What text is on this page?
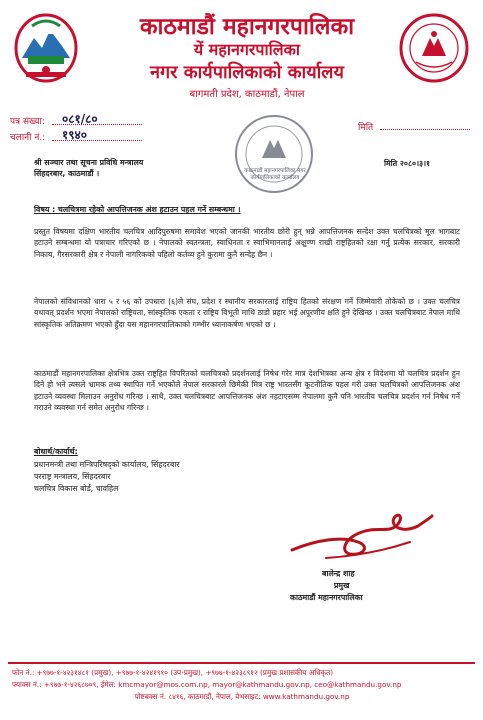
काठमाडौं महानगरपालिका
यें महानगरपालिका
नगर कार्यपालिकाको कार्यालय
बागमती प्रदेश, काठमाडौं, नेपाल
पत्र संख्या: ०८१/८०
चलानी नं.: १९४०	मिति
काठमाडौं महानगरपालिका नगर कार्यपालिकाको कार्यालय
श्री सञ्चार तथा सूचना प्रविधि मन्त्रालय
सिंहदरबार, काठमाडौं ।
मिति २०८०।३।१
विषय : चलचित्रमा रहेको आपत्तिजनक अंश हटाउन पहल गर्ने सम्बन्धमा ।
प्रस्तुत विषयमा दक्षिण भारतीय चलचित्र आदिपुरुषमा समावेश भएको जानकी भारतीय छोरी हुन् भन्ने आपत्तिजनक सन्देश उक्त चलचित्रको मूल भागबाट हटाउने सम्बन्धमा यो पत्राचार गरिएको छ । नेपालको स्वतन्त्रता, स्वाधिनता र स्वाभिमानलाई अक्षुण्ण राखी राष्ट्रहितको रक्षा गर्नु प्रत्येक सरकार, सरकारी निकाय, गैरसरकारी क्षेत्र र नेपाली नागरिकको पहिलो कर्तव्य हुने कुरामा कुनै सन्देह छैन ।
नेपालको संविधानको धारा ५ र ५६ को उपधारा (६)ले संघ, प्रदेश र स्थानीय सरकारलाई राष्ट्रिय हितको संरक्षण गर्ने जिम्मेवारी तोकेको छ । उक्त चलचित्र यथावत् प्रदर्शन भएमा नेपालको राष्ट्रियता, सांस्कृतिक एकता र राष्ट्रिय विभूती माथि ठाडो प्रहार भई अपूरणीय क्षति हुने देखिन्छ । उक्त चलचित्रबाट नेपाल माथि सांस्कृतिक अतिक्रमण भएको हुँदा यस महानगरपालिकाको गम्भीर ध्यानाकर्षण भएको छ ।
काठमाडौं महानगरपालिका क्षेत्रभित्र उक्त राष्ट्रहित विपरितको चलचित्रको प्रदर्शनलाई निषेध गरेर मात्र देशभित्रका अन्य क्षेत्र र विदेशमा यो चलचित्र प्रदर्शन हुन दिने हो भने त्यसले भ्रामक तथ्य स्थापित गर्ने भएकोले नेपाल सरकारले छिमेकी मित्र राष्ट्र भारतसँग कूटनीतिक पहल गरी उक्त चलचित्रको आपत्तिजनक अंश हटाउने व्यवस्था मिलाउन अनुरोध गरिन्छ । साथै, उक्त चलचित्रबाट आपत्तिजनक अंश नहटाएसम्म नेपालमा कुनै पनि भारतीय चलचित्र प्रदर्शन गर्न निषेध गर्ने गराउने व्यवस्था गर्न समेत अनुरोध गरिन्छ ।
बोधार्थ/कार्यार्थ:
प्रधानमन्त्री तथा मन्त्रिपरिषद्को कार्यालय, सिंहदरबार
परराष्ट्र मन्त्रालय, सिंहदरबार
चलचित्र विकास बोर्ड, चावहिल
बालेन्द्र शाह
प्रमुख
काठमाडौं महानगरपालिका
फोन नं.: +९७७-१-४२३१४८१ (प्रमुख), +९७७-१-४२४१९१० (उप-प्रमुख), +९७७-१-४२३८९१२ (प्रमुख प्रशासकीय अधिकृत)
फ्याक्स नं.: +९७७-१-४२६८७०९, ईमेल: kmcmayor@mos.com.np, mayor@kathmandu.gov.np, ceo@kathmandu.gov.np
पोष्टबक्स नं. ८४१६, काठमाडौं, नेपाल, वेभसाइट: www.kathmandu.gov.np
